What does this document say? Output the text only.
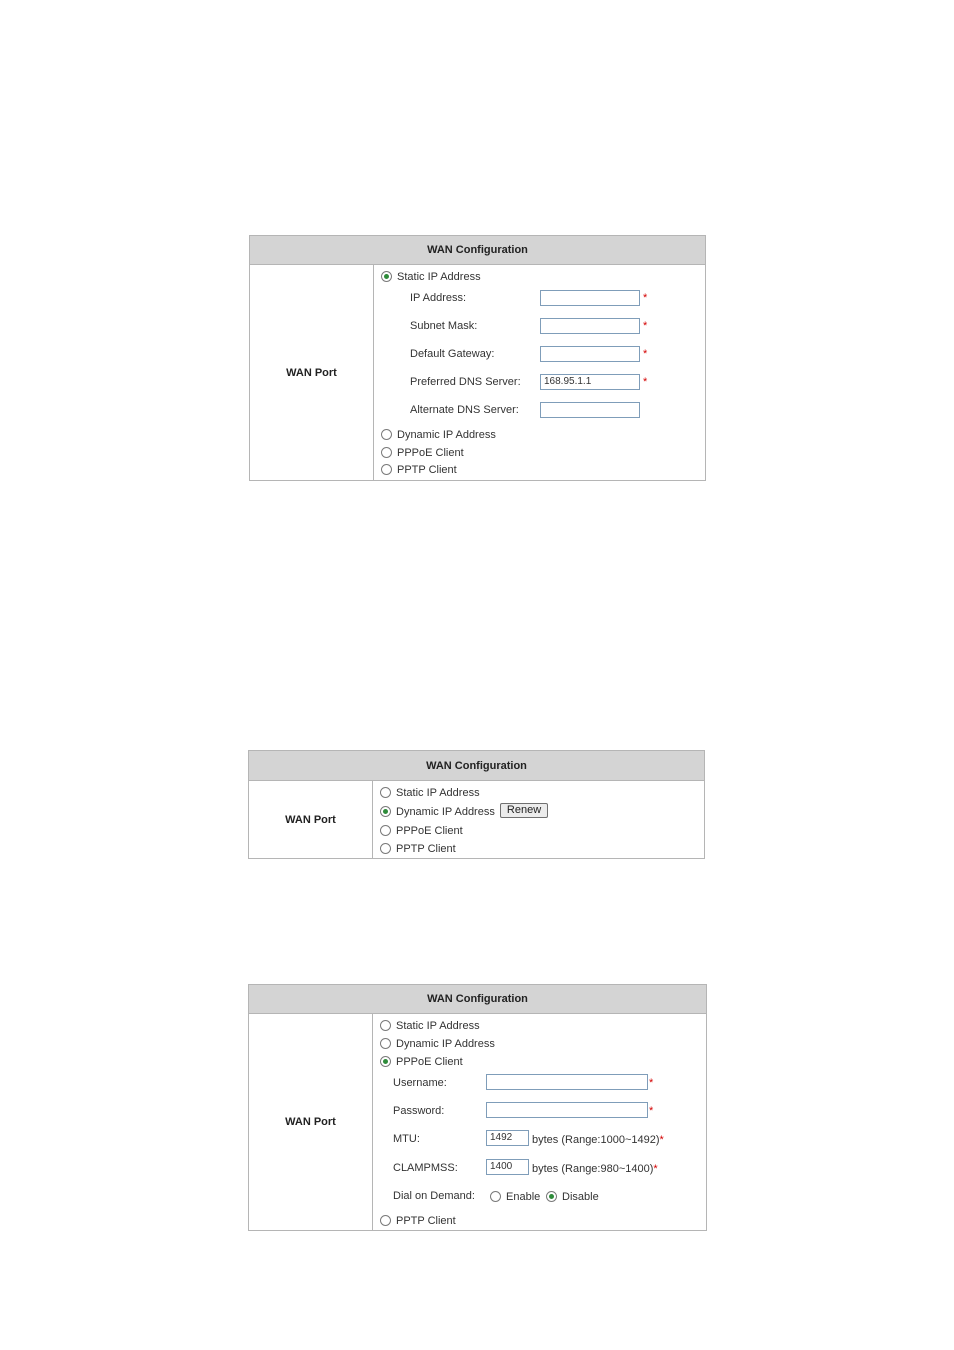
WAN Configuration
WAN Port
Static IP Address
IP Address:	*
Subnet Mask:	*
Default Gateway:	*
Preferred DNS Server:	168.95.1.1	*
Alternate DNS Server:
Dynamic IP Address
PPPoE Client
PPTP Client
WAN Configuration
WAN Port
Static IP Address
Dynamic IP Address Renew
PPPoE Client
PPTP Client
WAN Configuration
WAN Port
Static IP Address
Dynamic IP Address
PPPoE Client
Username:	*
Password:	*
MTU:	1492	bytes (Range:1000~1492)*
CLAMPMSS:	1400	bytes (Range:980~1400)*
Dial on Demand:	Enable	Disable
PPTP Client
